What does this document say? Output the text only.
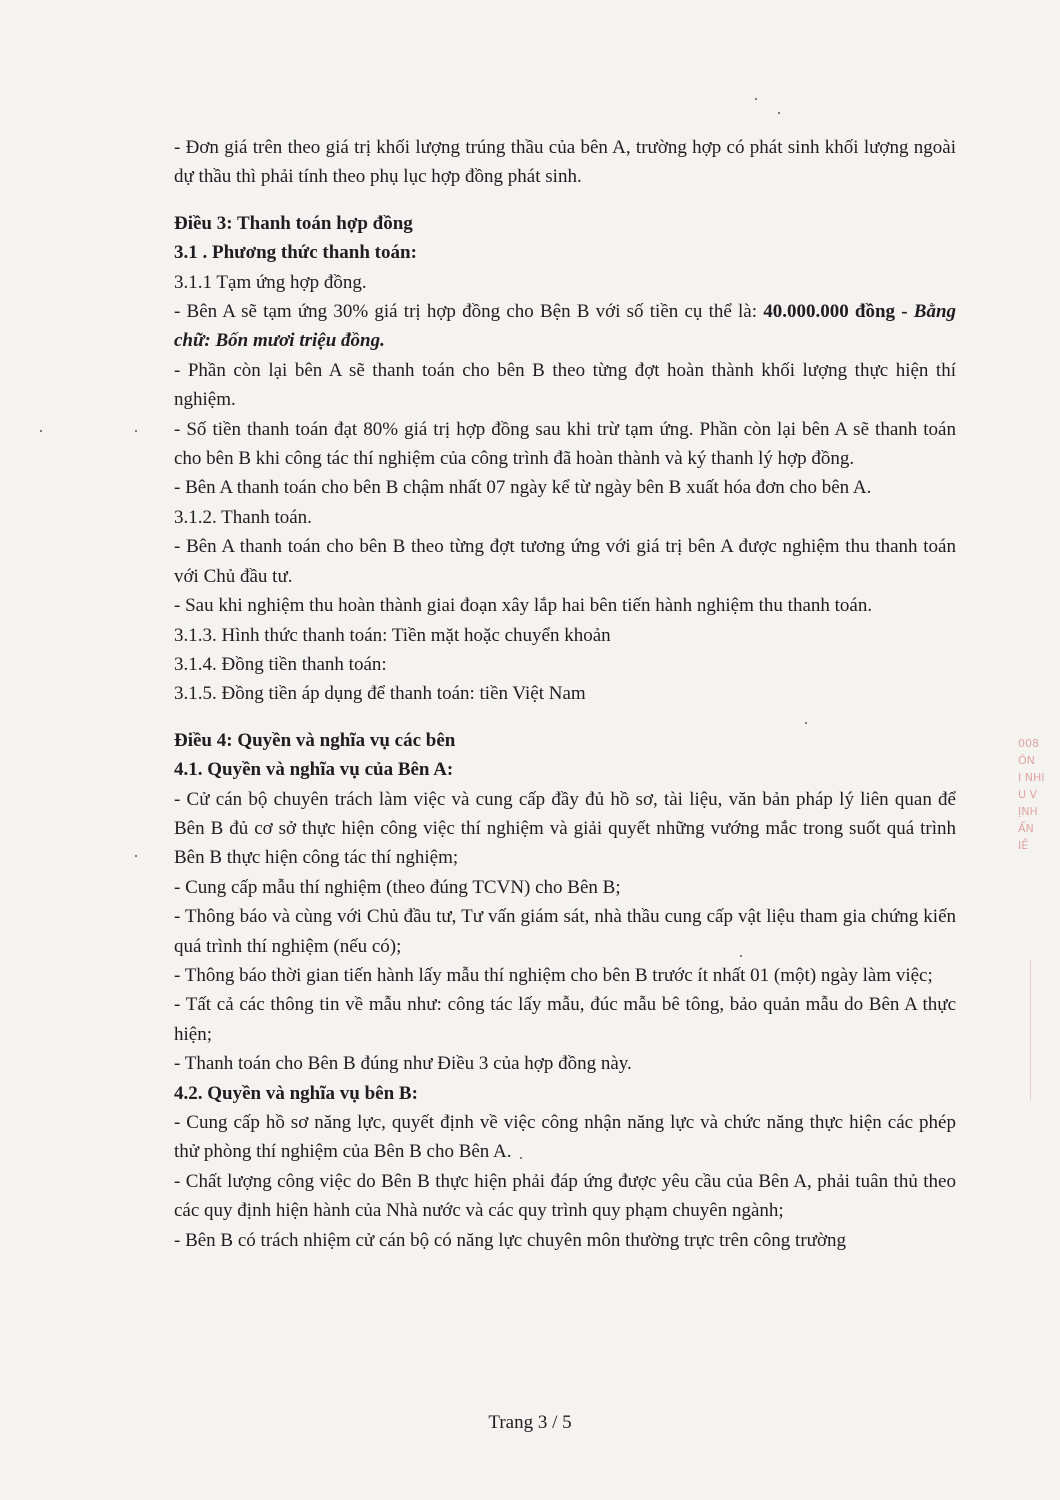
- Đơn giá trên theo giá trị khối lượng trúng thầu của bên A, trường hợp có phát sinh khối lượng ngoài dự thầu thì phải tính theo phụ lục hợp đồng phát sinh.

Điều 3: Thanh toán hợp đồng

3.1 . Phương thức thanh toán:

3.1.1 Tạm ứng hợp đồng.

- Bên A sẽ tạm ứng 30% giá trị hợp đồng cho Bện B với số tiền cụ thể là: 40.000.000 đồng - Bằng chữ: Bốn mươi triệu đồng.

- Phần còn lại bên A sẽ thanh toán cho bên B theo từng đợt hoàn thành khối lượng thực hiện thí nghiệm.

- Số tiền thanh toán đạt 80% giá trị hợp đồng sau khi trừ tạm ứng. Phần còn lại bên A sẽ thanh toán cho bên B khi công tác thí nghiệm của công trình đã hoàn thành và ký thanh lý hợp đồng.

- Bên A thanh toán cho bên B chậm nhất 07 ngày kể từ ngày bên B xuất hóa đơn cho bên A.

3.1.2. Thanh toán.

- Bên A thanh toán cho bên B theo từng đợt tương ứng với giá trị bên A được nghiệm thu thanh toán với Chủ đầu tư.

- Sau khi nghiệm thu hoàn thành giai đoạn xây lắp hai bên tiến hành nghiệm thu thanh toán.

3.1.3. Hình thức thanh toán: Tiền mặt hoặc chuyển khoản

3.1.4. Đồng tiền thanh toán:

3.1.5. Đồng tiền áp dụng để thanh toán: tiền Việt Nam

Điều 4: Quyền và nghĩa vụ các bên

4.1. Quyền và nghĩa vụ của Bên A:

- Cử cán bộ chuyên trách làm việc và cung cấp đầy đủ hồ sơ, tài liệu, văn bản pháp lý liên quan để Bên B đủ cơ sở thực hiện công việc thí nghiệm và giải quyết những vướng mắc trong suốt quá trình Bên B thực hiện công tác thí nghiệm;

- Cung cấp mẫu thí nghiệm (theo đúng TCVN) cho Bên B;

- Thông báo và cùng với Chủ đầu tư, Tư vấn giám sát, nhà thầu cung cấp vật liệu tham gia chứng kiến quá trình thí nghiệm (nếu có);

- Thông báo thời gian tiến hành lấy mẫu thí nghiệm cho bên B trước ít nhất 01 (một) ngày làm việc;

- Tất cả các thông tin về mẫu như: công tác lấy mẫu, đúc mẫu bê tông, bảo quản mẫu do Bên A thực hiện;

- Thanh toán cho Bên B đúng như Điều 3 của hợp đồng này.

4.2. Quyền và nghĩa vụ bên B:

- Cung cấp hồ sơ năng lực, quyết định về việc công nhận năng lực và chức năng thực hiện các phép thử phòng thí nghiệm của Bên B cho Bên A.

- Chất lượng công việc do Bên B thực hiện phải đáp ứng được yêu cầu của Bên A, phải tuân thủ theo các quy định hiện hành của Nhà nước và các quy trình quy phạm chuyên ngành;

- Bên B có trách nhiệm cử cán bộ có năng lực chuyên môn thường trực trên công trường

Trang 3 / 5
008
ÔN
I NHI
U V
ỊNH
ẨN
IỀ
